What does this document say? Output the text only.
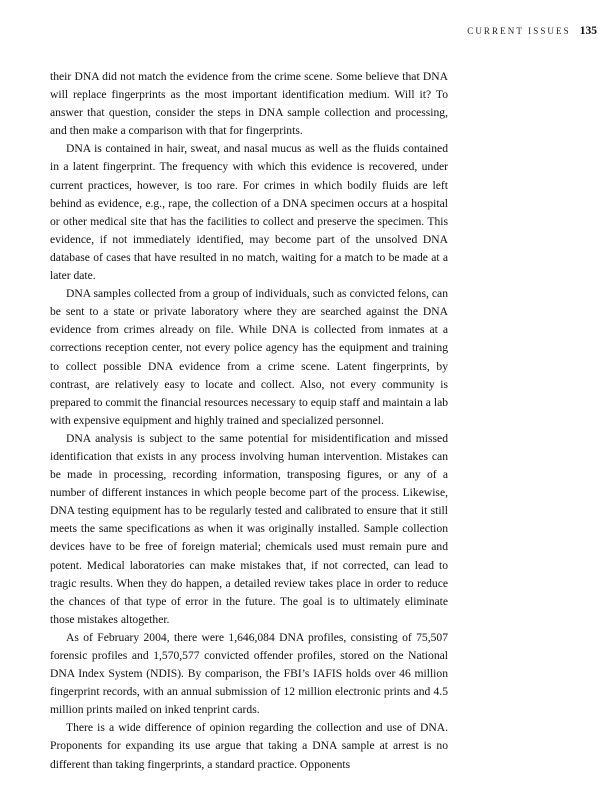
CURRENT ISSUES 135

their DNA did not match the evidence from the crime scene. Some believe that DNA will replace fingerprints as the most important identification medium. Will it? To answer that question, consider the steps in DNA sample collection and processing, and then make a comparison with that for fingerprints.

DNA is contained in hair, sweat, and nasal mucus as well as the fluids contained in a latent fingerprint. The frequency with which this evidence is recovered, under current practices, however, is too rare. For crimes in which bodily fluids are left behind as evidence, e.g., rape, the collection of a DNA specimen occurs at a hospital or other medical site that has the facilities to collect and preserve the specimen. This evidence, if not immediately identified, may become part of the unsolved DNA database of cases that have resulted in no match, waiting for a match to be made at a later date.

DNA samples collected from a group of individuals, such as convicted felons, can be sent to a state or private laboratory where they are searched against the DNA evidence from crimes already on file. While DNA is collected from inmates at a corrections reception center, not every police agency has the equipment and training to collect possible DNA evidence from a crime scene. Latent fingerprints, by contrast, are relatively easy to locate and collect. Also, not every community is prepared to commit the financial resources necessary to equip staff and maintain a lab with expensive equipment and highly trained and specialized personnel.

DNA analysis is subject to the same potential for misidentification and missed identification that exists in any process involving human intervention. Mistakes can be made in processing, recording information, transposing figures, or any of a number of different instances in which people become part of the process. Likewise, DNA testing equipment has to be regularly tested and calibrated to ensure that it still meets the same specifications as when it was originally installed. Sample collection devices have to be free of foreign material; chemicals used must remain pure and potent. Medical laboratories can make mistakes that, if not corrected, can lead to tragic results. When they do happen, a detailed review takes place in order to reduce the chances of that type of error in the future. The goal is to ultimately eliminate those mistakes altogether.

As of February 2004, there were 1,646,084 DNA profiles, consisting of 75,507 forensic profiles and 1,570,577 convicted offender profiles, stored on the National DNA Index System (NDIS). By comparison, the FBI’s IAFIS holds over 46 million fingerprint records, with an annual submission of 12 million electronic prints and 4.5 million prints mailed on inked tenprint cards.

There is a wide difference of opinion regarding the collection and use of DNA. Proponents for expanding its use argue that taking a DNA sample at arrest is no different than taking fingerprints, a standard practice. Opponents
